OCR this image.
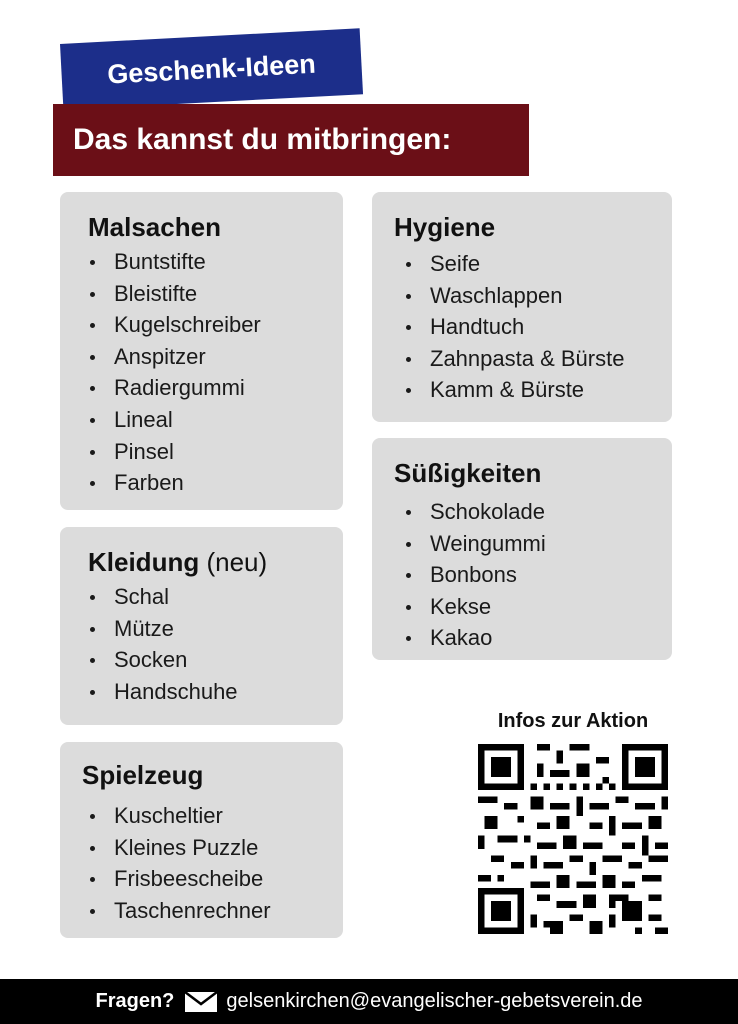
Geschenk-Ideen
Das kannst du mitbringen:
Malsachen
Buntstifte
Bleistifte
Kugelschreiber
Anspitzer
Radiergummi
Lineal
Pinsel
Farben
Kleidung (neu)
Schal
Mütze
Socken
Handschuhe
Spielzeug
Kuscheltier
Kleines Puzzle
Frisbeescheibe
Taschenrechner
Hygiene
Seife
Waschlappen
Handtuch
Zahnpasta & Bürste
Kamm & Bürste
Süßigkeiten
Schokolade
Weingummi
Bonbons
Kekse
Kakao
Infos zur Aktion
Fragen?	gelsenkirchen@evangelischer-gebetsverein.de
